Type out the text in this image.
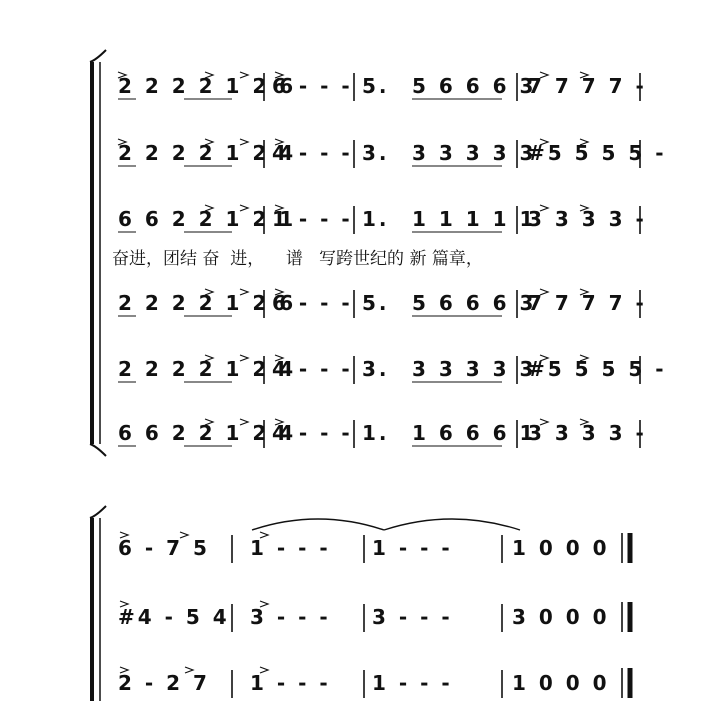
2 2 2 2 1 2 6
6 - - - 5. 5 6 6 6 3
7 7 7 7 -
2 2 2 2 1 2 4
4 - - - 3. 3 3 3 3 3
#5 5 5 5 -
6 6 2 2 1 2 1
1 - - - 1. 1 1 1 1 1
3 3 3 3 -
2 2 2 2 1 2 6
6 - - - 5. 5 6 6 6 3
7 7 7 7 -
2 2 2 2 1 2 4
4 - - - 3. 3 3 3 3 3
#5 5 5 5 -
6 6 2 2 1 2 4
4 - - - 1. 1 6 6 6 1
3 3 3 3 -
6 - 7 5 1 - - - 1 - - -	1 0 0 0
#4 - 5 4 3 - - - 3 - - -	3 0 0 0
2 - 2 7 1 - - - 1 - - -	1 0 0 0
奋进，团结 奋  进，    谱   写跨世纪的 新 篇章，
